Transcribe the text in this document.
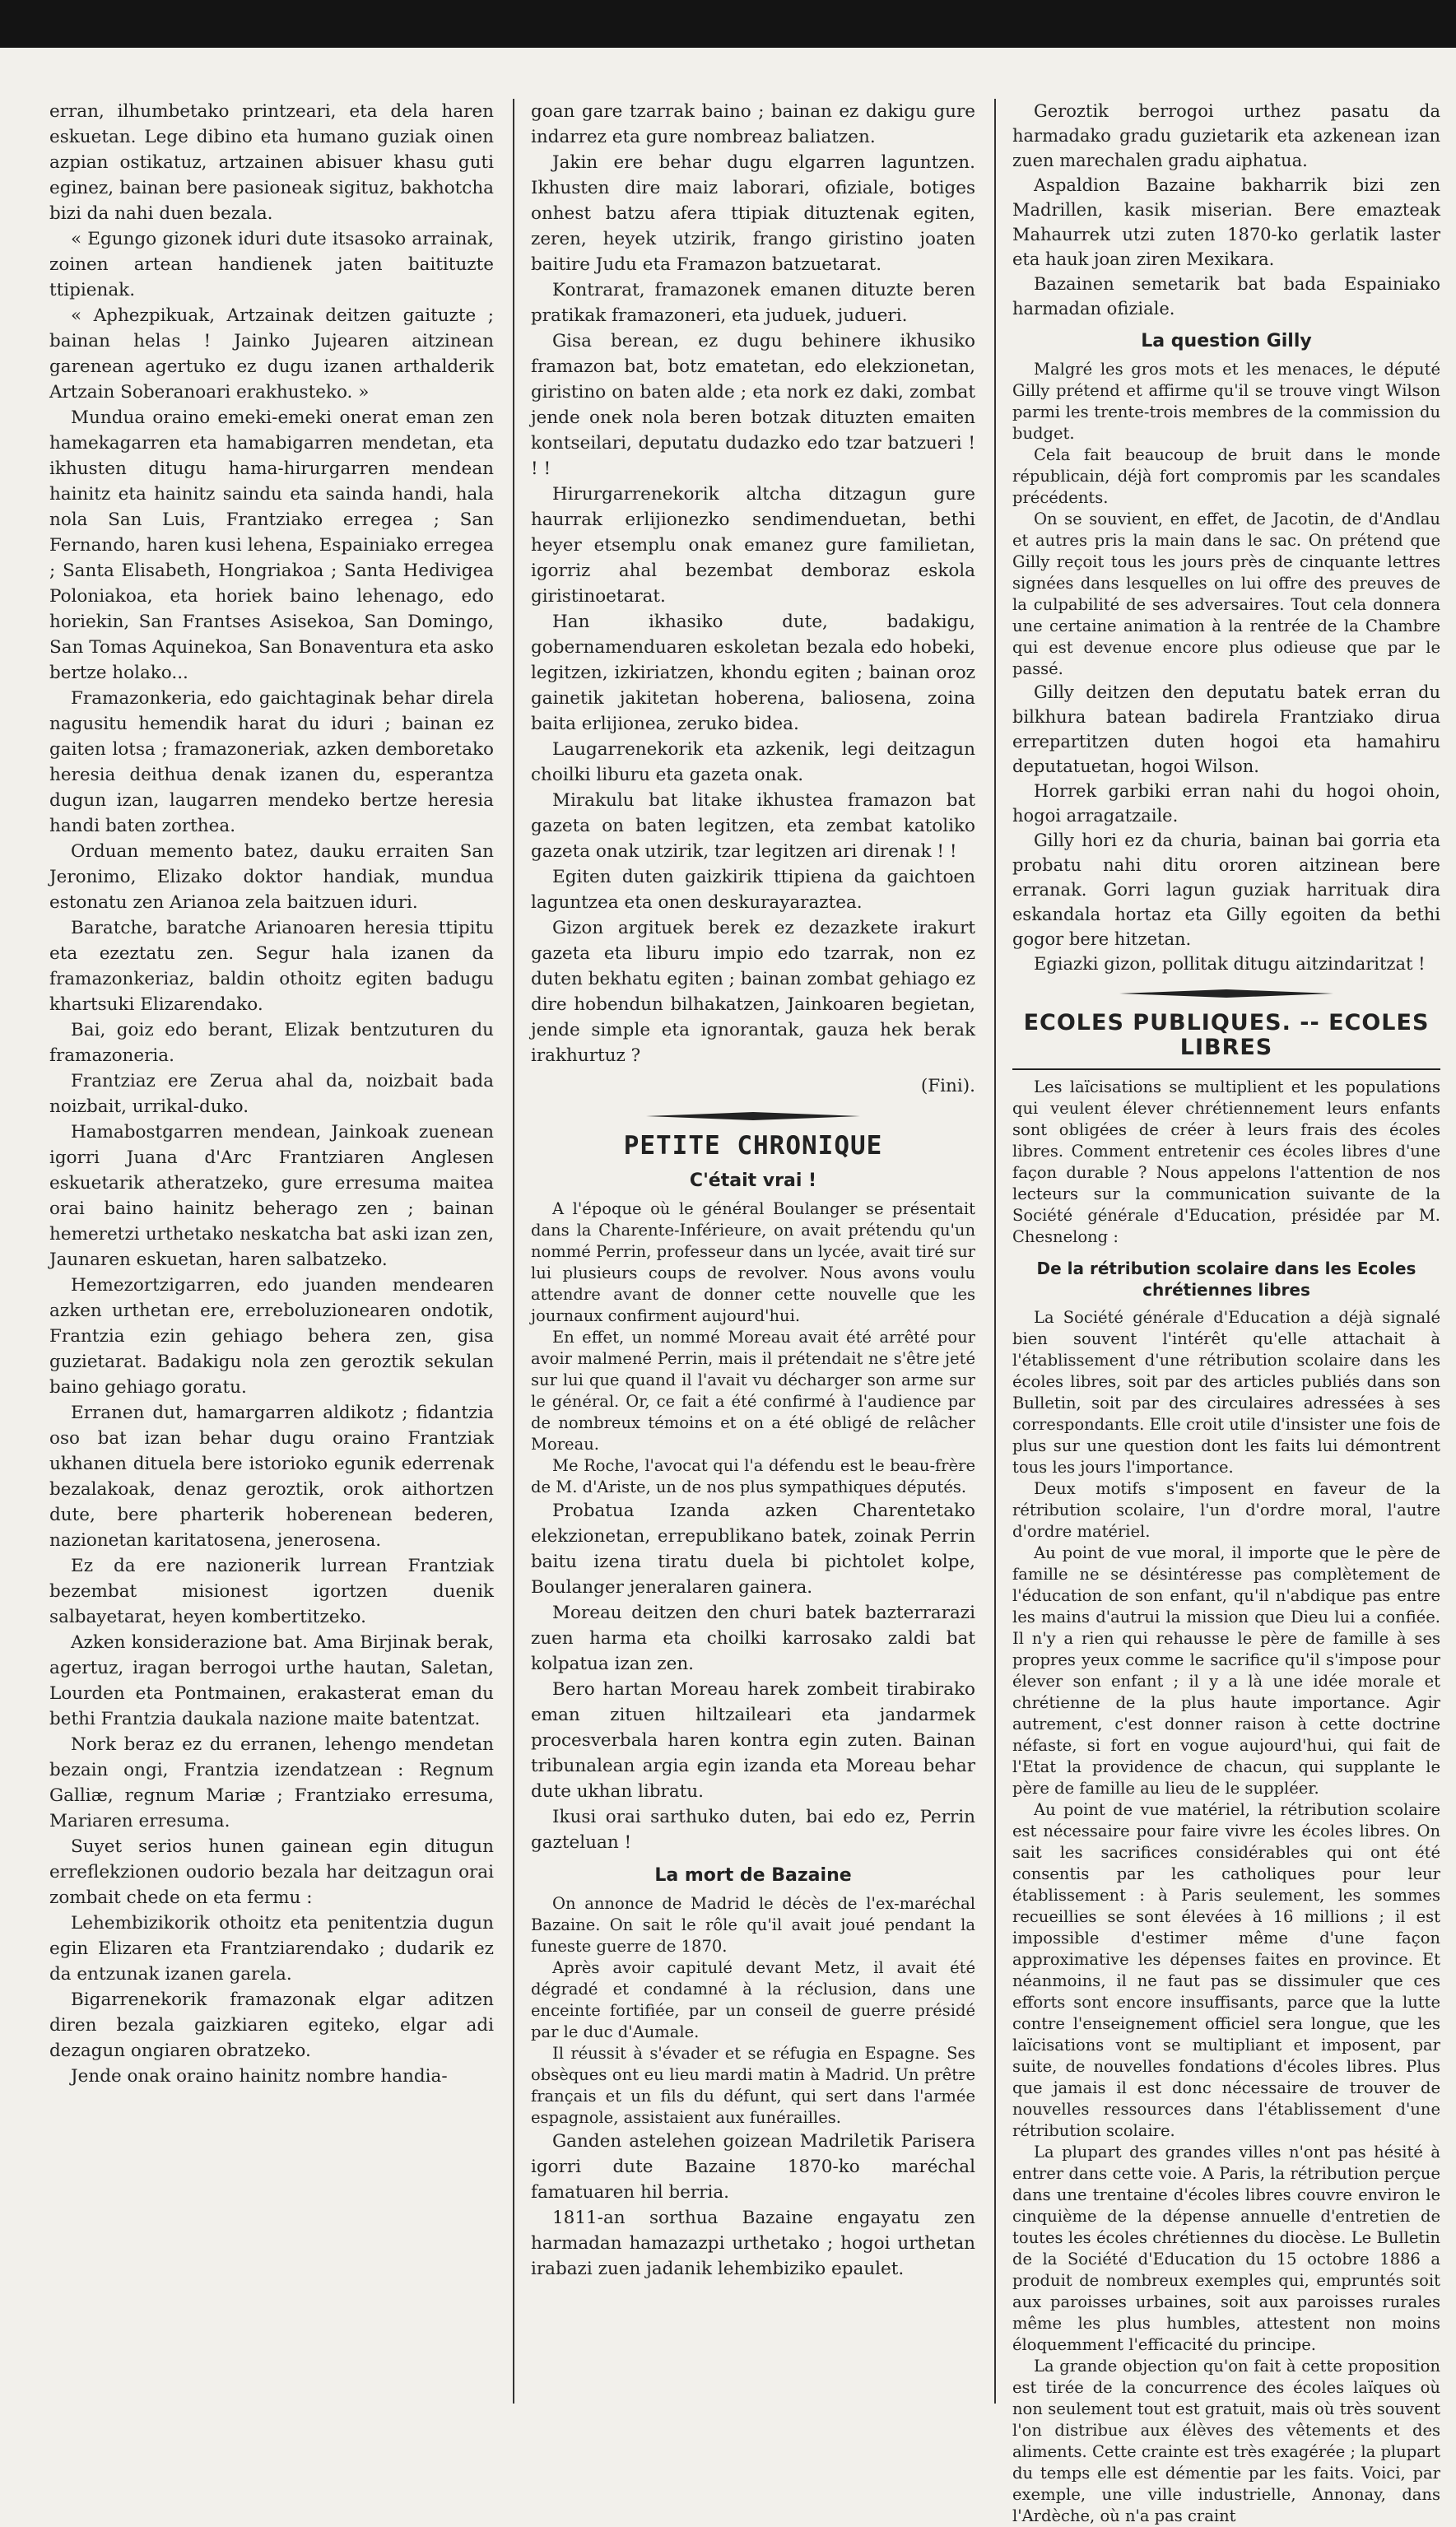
erran, ilhumbetako printzeari, eta dela haren eskuetan. Lege dibino eta humano guziak oinen azpian ostikatuz, artzainen abisuer khasu guti eginez, bainan bere pasioneak sigituz, bakhotcha bizi da nahi duen bezala.

« Egungo gizonek iduri dute itsasoko arrainak, zoinen artean handienek jaten baitituzte ttipienak.

« Aphezpikuak, Artzainak deitzen gaituzte ; bainan helas ! Jainko Jujearen aitzinean garenean agertuko ez dugu izanen arthalderik Artzain Soberanoari erakhusteko. »

Mundua oraino emeki-emeki onerat eman zen hamekagarren eta hamabigarren mendetan, eta ikhusten ditugu hama-hirurgarren mendean hainitz eta hainitz saindu eta sainda handi, hala nola San Luis, Frantziako erregea ; San Fernando, haren kusi lehena, Espainiako erregea ; Santa Elisabeth, Hongriakoa ; Santa Hedivigea Poloniakoa, eta horiek baino lehenago, edo horiekin, San Frantses Asisekoa, San Domingo, San Tomas Aquinekoa, San Bonaventura eta asko bertze holako...

Framazonkeria, edo gaichtaginak behar direla nagusitu hemendik harat du iduri ; bainan ez gaiten lotsa ; framazoneriak, azken demboretako heresia deithua denak izanen du, esperantza dugun izan, laugarren mendeko bertze heresia handi baten zorthea.

Orduan memento batez, dauku erraiten San Jeronimo, Elizako doktor handiak, mundua estonatu zen Arianoa zela baitzuen iduri.

Baratche, baratche Arianoaren heresia ttipitu eta ezeztatu zen. Segur hala izanen da framazonkeriaz, baldin othoitz egiten badugu khartsuki Elizarendako.

Bai, goiz edo berant, Elizak bentzuturen du framazoneria.

Frantziaz ere Zerua ahal da, noizbait bada noizbait, urrikal-duko.

Hamabostgarren mendean, Jainkoak zuenean igorri Juana d'Arc Frantziaren Anglesen eskuetarik atheratzeko, gure erresuma maitea orai baino hainitz beherago zen ; bainan hemeretzi urthetako neskatcha bat aski izan zen, Jaunaren eskuetan, haren salbatzeko.

Hemezortzigarren, edo juanden mendearen azken urthetan ere, erreboluzionearen ondotik, Frantzia ezin gehiago behera zen, gisa guzietarat. Badakigu nola zen geroztik sekulan baino gehiago goratu.

Erranen dut, hamargarren aldikotz ; fidantzia oso bat izan behar dugu oraino Frantziak ukhanen dituela bere istorioko egunik ederrenak bezalakoak, denaz geroztik, orok aithortzen dute, bere pharterik hoberenean bederen, nazionetan karitatosena, jenerosena.

Ez da ere nazionerik lurrean Frantziak bezembat misionest igortzen duenik salbayetarat, heyen kombertitzeko.

Azken konsiderazione bat. Ama Birjinak berak, agertuz, iragan berrogoi urthe hautan, Saletan, Lourden eta Pontmainen, erakasterat eman du bethi Frantzia daukala nazione maite batentzat.

Nork beraz ez du erranen, lehengo mendetan bezain ongi, Frantzia izendatzean : Regnum Galliæ, regnum Mariæ ; Frantziako erresuma, Mariaren erresuma.

Suyet serios hunen gainean egin ditugun erreflekzionen oudorio bezala har deitzagun orai zombait chede on eta fermu :

Lehembizikorik othoitz eta penitentzia dugun egin Elizaren eta Frantziarendako ; dudarik ez da entzunak izanen garela.

Bigarrenekorik framazonak elgar aditzen diren bezala gaizkiaren egiteko, elgar adi dezagun ongiaren obratzeko.

Jende onak oraino hainitz nombre handia-

goan gare tzarrak baino ; bainan ez dakigu gure indarrez eta gure nombreaz baliatzen.

Jakin ere behar dugu elgarren laguntzen. Ikhusten dire maiz laborari, ofiziale, botiges onhest batzu afera ttipiak dituztenak egiten, zeren, heyek utzirik, frango giristino joaten baitire Judu eta Framazon batzuetarat.

Kontrarat, framazonek emanen dituzte beren pratikak framazoneri, eta juduek, juduerі.

Gisa berean, ez dugu behinere ikhusiko framazon bat, botz ematetan, edo elekzionetan, giristino on baten alde ; eta nork ez daki, zombat jende onek nola beren botzak dituzten emaiten kontseilari, deputatu dudazko edo tzar batzueri ! ! !

Hirurgarrenekorik altcha ditzagun gure haurrak erlijionezko sendimenduetan, bethi heyer etsemplu onak emanez gure familietan, igorriz ahal bezembat demboraz eskola giristinoetarat.

Han ikhasiko dute, badakigu, gobernamenduaren eskoletan bezala edo hobeki, legitzen, izkiriatzen, khondu egiten ; bainan oroz gainetik jakitetan hoberena, baliosena, zoina baita erlijionea, zeruko bidea.

Laugarrenekorik eta azkenik, legi deitzagun choilki liburu eta gazeta onak.

Mirakulu bat litake ikhustea framazon bat gazeta on baten legitzen, eta zembat katoliko gazeta onak utzirik, tzar legitzen ari direnak ! !

Egiten duten gaizkirik ttipiena da gaichtoen laguntzea eta onen deskurayaraztea.

Gizon argituek berek ez dezazkete irakurt gazeta eta liburu impio edo tzarrak, non ez duten bekhatu egiten ; bainan zombat gehiago ez dire hobendun bilhakatzen, Jainkoaren begietan, jende simple eta ignorantak, gauza hek berak irakhurtuz ?

(Fini).
PETITE CHRONIQUE
C'était vrai !

A l'époque où le général Boulanger se présentait dans la Charente-Inférieure, on avait prétendu qu'un nommé Perrin, professeur dans un lycée, avait tiré sur lui plusieurs coups de revolver. Nous avons voulu attendre avant de donner cette nouvelle que les journaux confirment aujourd'hui.

En effet, un nommé Moreau avait été arrêté pour avoir malmené Perrin, mais il prétendait ne s'être jeté sur lui que quand il l'avait vu décharger son arme sur le général. Or, ce fait a été confirmé à l'audience par de nombreux témoins et on a été obligé de relâcher Moreau.

Me Roche, l'avocat qui l'a défendu est le beau-frère de M. d'Ariste, un de nos plus sympathiques députés.

Probatua Izanda azken Charentetako elekzionetan, errepublikano batek, zoinak Perrin baitu izena tiratu duela bi pichtolet kolpe, Boulanger jeneralaren gainera.

Moreau deitzen den churi batek bazterrarazi zuen harma eta choilki karrosako zaldi bat kolpatua izan zen.

Bero hartan Moreau harek zombeit tirabirako eman zituen hiltzaileari eta jandarmek procesverbala haren kontra egin zuten. Bainan tribunalean argia egin izanda eta Moreau behar dute ukhan libratu.

Ikusi orai sarthuko duten, bai edo ez, Perrin gazteluan !

La mort de Bazaine

On annonce de Madrid le décès de l'ex-maréchal Bazaine. On sait le rôle qu'il avait joué pendant la funeste guerre de 1870.

Après avoir capitulé devant Metz, il avait été dégradé et condamné à la réclusion, dans une enceinte fortifiée, par un conseil de guerre présidé par le duc d'Aumale.

Il réussit à s'évader et se réfugia en Espagne. Ses obsèques ont eu lieu mardi matin à Madrid. Un prêtre français et un fils du défunt, qui sert dans l'armée espagnole, assistaient aux funérailles.

Ganden astelehen goizean Madriletik Parisera igorri dute Bazaine 1870-ko maréchal famatuaren hil berria.

1811-an sorthua Bazaine engayatu zen harmadan hamazazpi urthetako ; hogoi urthetan irabazi zuen jadanik lehembiziko epaulet.

Geroztik berrogoi urthez pasatu da harmadako gradu guzietarik eta azkenean izan zuen marechalen gradu aiphatua.

Aspaldion Bazaine bakharrik bizi zen Madrillen, kasik miserian. Bere emazteak Mahaurrek utzi zuten 1870-ko gerlatik laster eta hauk joan ziren Mexikara.

Bazainen semetarik bat bada Espainiako harmadan ofiziale.

La question Gilly

Malgré les gros mots et les menaces, le député Gilly prétend et affirme qu'il se trouve vingt Wilson parmi les trente-trois membres de la commission du budget.

Cela fait beaucoup de bruit dans le monde républicain, déjà fort compromis par les scandales précédents.

On se souvient, en effet, de Jacotin, de d'Andlau et autres pris la main dans le sac. On prétend que Gilly reçoit tous les jours près de cinquante lettres signées dans lesquelles on lui offre des preuves de la culpabilité de ses adversaires. Tout cela donnera une certaine animation à la rentrée de la Chambre qui est devenue encore plus odieuse que par le passé.

Gilly deitzen den deputatu batek erran du bilkhura batean badirela Frantziako dirua errepartitzen duten hogoi eta hamahiru deputatuetan, hogoi Wilson.

Horrek garbiki erran nahi du hogoi ohoin, hogoi arragatzaile.

Gilly hori ez da churia, bainan bai gorria eta probatu nahi ditu ororen aitzinean bere erranak. Gorri lagun guziak harrituak dira eskandala hortaz eta Gilly egoiten da bethi gogor bere hitzetan.

Egiazki gizon, pollitak ditugu aitzindaritzat !

ECOLES PUBLIQUES. -- ECOLES LIBRES

Les laïcisations se multiplient et les populations qui veulent élever chrétiennement leurs enfants sont obligées de créer à leurs frais des écoles libres. Comment entretenir ces écoles libres d'une façon durable ? Nous appelons l'attention de nos lecteurs sur la communication suivante de la Société générale d'Education, présidée par M. Chesnelong :

De la rétribution scolaire dans les Ecoles chrétiennes libres

La Société générale d'Education a déjà signalé bien souvent l'intérêt qu'elle attachait à l'établissement d'une rétribution scolaire dans les écoles libres, soit par des articles publiés dans son Bulletin, soit par des circulaires adressées à ses correspondants. Elle croit utile d'insister une fois de plus sur une question dont les faits lui démontrent tous les jours l'importance.

Deux motifs s'imposent en faveur de la rétribution scolaire, l'un d'ordre moral, l'autre d'ordre matériel.

Au point de vue moral, il importe que le père de famille ne se désintéresse pas complètement de l'éducation de son enfant, qu'il n'abdique pas entre les mains d'autrui la mission que Dieu lui a confiée. Il n'y a rien qui rehausse le père de famille à ses propres yeux comme le sacrifice qu'il s'impose pour élever son enfant ; il y a là une idée morale et chrétienne de la plus haute importance. Agir autrement, c'est donner raison à cette doctrine néfaste, si fort en vogue aujourd'hui, qui fait de l'Etat la providence de chacun, qui supplante le père de famille au lieu de le suppléer.

Au point de vue matériel, la rétribution scolaire est nécessaire pour faire vivre les écoles libres. On sait les sacrifices considérables qui ont été consentis par les catholiques pour leur établissement : à Paris seulement, les sommes recueillies se sont élevées à 16 millions ; il est impossible d'estimer même d'une façon approximative les dépenses faites en province. Et néanmoins, il ne faut pas se dissimuler que ces efforts sont encore insuffisants, parce que la lutte contre l'enseignement officiel sera longue, que les laïcisations vont se multipliant et imposent, par suite, de nouvelles fondations d'écoles libres. Plus que jamais il est donc nécessaire de trouver de nouvelles ressources dans l'établissement d'une rétribution scolaire.

La plupart des grandes villes n'ont pas hésité à entrer dans cette voie. A Paris, la rétribution perçue dans une trentaine d'écoles libres couvre environ le cinquième de la dépense annuelle d'entretien de toutes les écoles chrétiennes du diocèse. Le Bulletin de la Société d'Education du 15 octobre 1886 a produit de nombreux exemples qui, empruntés soit aux paroisses urbaines, soit aux paroisses rurales même les plus humbles, attestent non moins éloquemment l'efficacité du principe.

La grande objection qu'on fait à cette proposition est tirée de la concurrence des écoles laïques où non seulement tout est gratuit, mais où très souvent l'on distribue aux élèves des vêtements et des aliments. Cette crainte est très exagérée ; la plupart du temps elle est démentie par les faits. Voici, par exemple, une ville industrielle, Annonay, dans l'Ardèche, où n'a pas craint
